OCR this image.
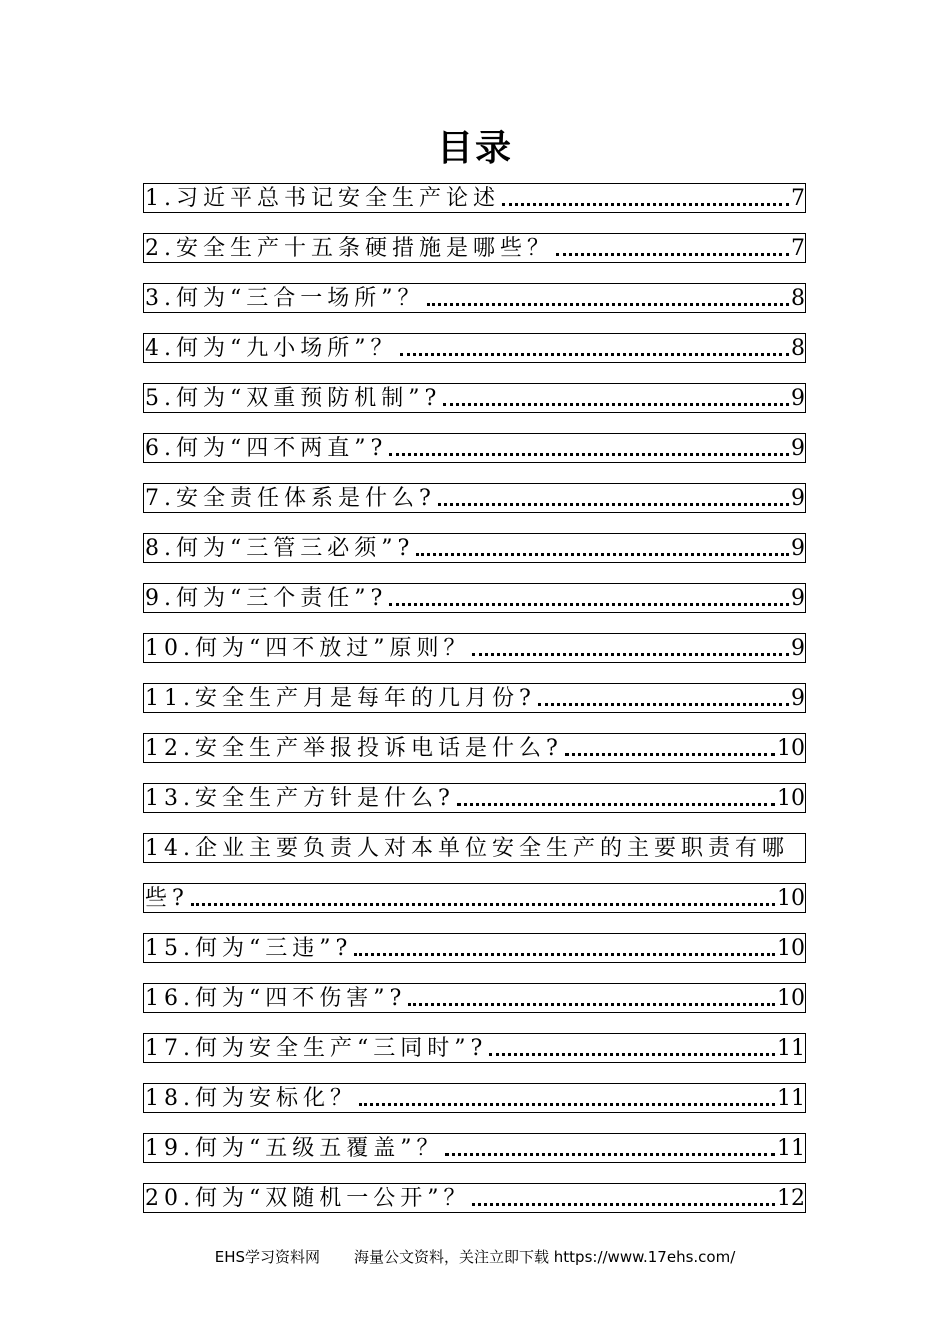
目录
1.习近平总书记安全生产论述	7
2.安全生产十五条硬措施是哪些？	7
3.何为“三合一场所”？	8
4.何为“九小场所”？	8
5.何为“双重预防机制”?	9
6.何为“四不两直”?	9
7.安全责任体系是什么?	9
8.何为“三管三必须”?	9
9.何为“三个责任”?	9
10.何为“四不放过”原则？	9
11.安全生产月是每年的几月份?	9
12.安全生产举报投诉电话是什么?	10
13.安全生产方针是什么?	10
14.企业主要负责人对本单位安全生产的主要职责有哪
些?	10
15.何为“三违”?	10
16.何为“四不伤害”?	10
17.何为安全生产“三同时”?	11
18.何为安标化？	11
19.何为“五级五覆盖”？	11
20.何为“双随机一公开”？	12
EHS学习资料网 海量公文资料，关注立即下载 https://www.17ehs.com/
